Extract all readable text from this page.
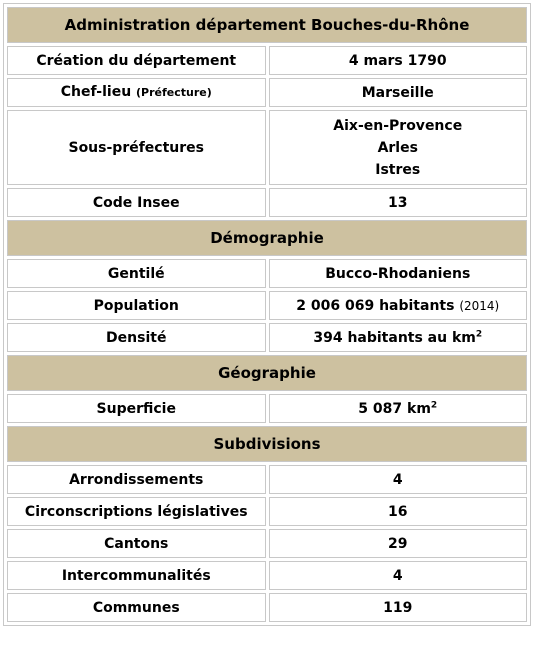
Administration département Bouches-du-Rhône	
Création du département	4 mars 1790
Chef-lieu (Préfecture)	Marseille
Sous-préfectures	Aix-en-Provence
Arles
Istres

Code Insee	13
Démographie	
Gentilé	Bucco-Rhodaniens
Population	2 006 069 habitants (2014)
Densité	394 habitants au $km^2$
Géographie	
Superficie	5 087 $km^2$
Subdivisions	
Arrondissements	4
Circonscriptions législatives	16
Cantons	29
Intercommunalités	4
Communes	119
